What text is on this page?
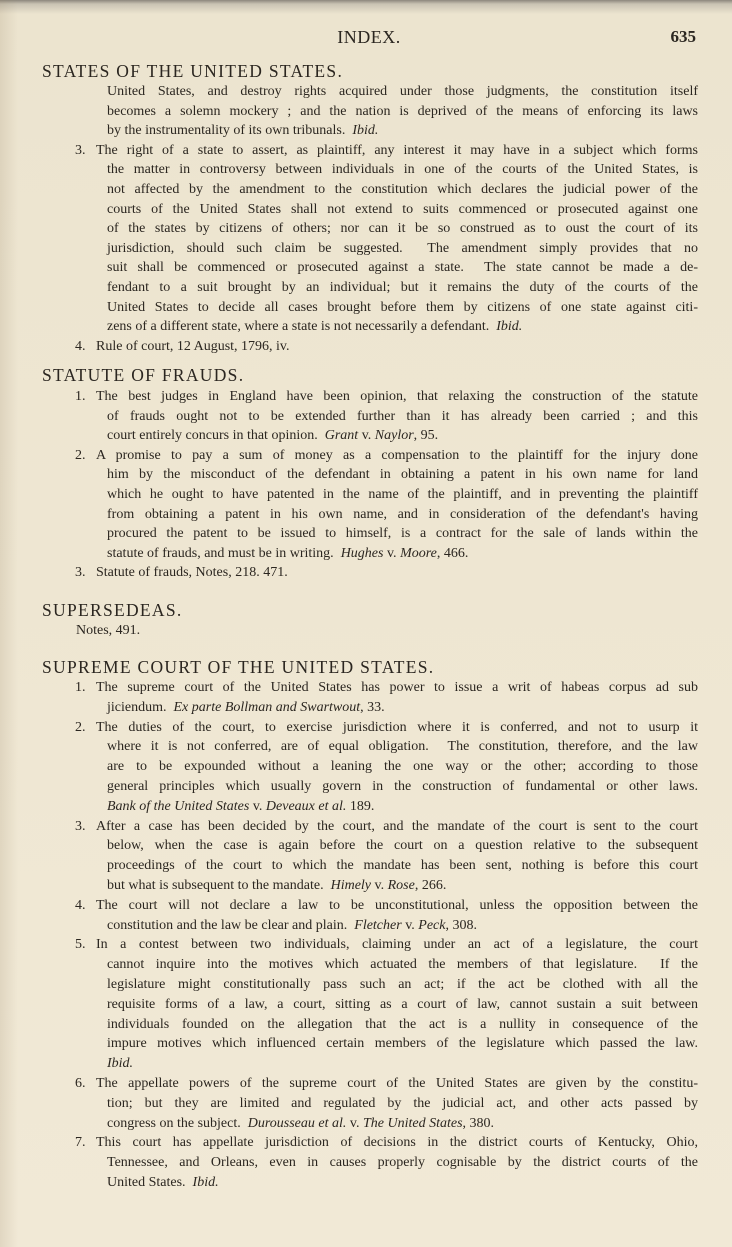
INDEX.	635
STATES OF THE UNITED STATES.
United States, and destroy rights acquired under those judgments, the constitution itself
becomes a solemn mockery ; and the nation is deprived of the means of enforcing its laws
by the instrumentality of its own tribunals.  Ibid.
3. The right of a state to assert, as plaintiff, any interest it may have in a subject which forms
the matter in controversy between individuals in one of the courts of the United States, is
not affected by the amendment to the constitution which declares the judicial power of the
courts of the United States shall not extend to suits commenced or prosecuted against one
of the states by citizens of others; nor can it be so construed as to oust the court of its
jurisdiction, should such claim be suggested.  The amendment simply provides that no
suit shall be commenced or prosecuted against a state.  The state cannot be made a de-
fendant to a suit brought by an individual; but it remains the duty of the courts of the
United States to decide all cases brought before them by citizens of one state against citi-
zens of a different state, where a state is not necessarily a defendant.  Ibid.
4. Rule of court, 12 August, 1796, iv.
STATUTE OF FRAUDS.
1. The best judges in England have been opinion, that relaxing the construction of the statute
of frauds ought not to be extended further than it has already been carried ; and this
court entirely concurs in that opinion.  Grant v. Naylor, 95.
2. A promise to pay a sum of money as a compensation to the plaintiff for the injury done
him by the misconduct of the defendant in obtaining a patent in his own name for land
which he ought to have patented in the name of the plaintiff, and in preventing the plaintiff
from obtaining a patent in his own name, and in consideration of the defendant's having
procured the patent to be issued to himself, is a contract for the sale of lands within the
statute of frauds, and must be in writing.  Hughes v. Moore, 466.
3. Statute of frauds, Notes, 218. 471.
SUPERSEDEAS.
Notes, 491.
SUPREME COURT OF THE UNITED STATES.
1. The supreme court of the United States has power to issue a writ of habeas corpus ad sub
jiciendum.  Ex parte Bollman and Swartwout, 33.
2. The duties of the court, to exercise jurisdiction where it is conferred, and not to usurp it
where it is not conferred, are of equal obligation.  The constitution, therefore, and the law
are to be expounded without a leaning the one way or the other; according to those
general principles which usually govern in the construction of fundamental or other laws.
Bank of the United States v. Deveaux et al. 189.
3. After a case has been decided by the court, and the mandate of the court is sent to the court
below, when the case is again before the court on a question relative to the subsequent
proceedings of the court to which the mandate has been sent, nothing is before this court
but what is subsequent to the mandate.  Himely v. Rose, 266.
4. The court will not declare a law to be unconstitutional, unless the opposition between the
constitution and the law be clear and plain.  Fletcher v. Peck, 308.
5. In a contest between two individuals, claiming under an act of a legislature, the court
cannot inquire into the motives which actuated the members of that legislature.  If the
legislature might constitutionally pass such an act; if the act be clothed with all the
requisite forms of a law, a court, sitting as a court of law, cannot sustain a suit between
individuals founded on the allegation that the act is a nullity in consequence of the
impure motives which influenced certain members of the legislature which passed the law.
Ibid.
6. The appellate powers of the supreme court of the United States are given by the constitu-
tion; but they are limited and regulated by the judicial act, and other acts passed by
congress on the subject.  Durousseau et al. v. The United States, 380.
7. This court has appellate jurisdiction of decisions in the district courts of Kentucky, Ohio,
Tennessee, and Orleans, even in causes properly cognisable by the district courts of the
United States.  Ibid.
